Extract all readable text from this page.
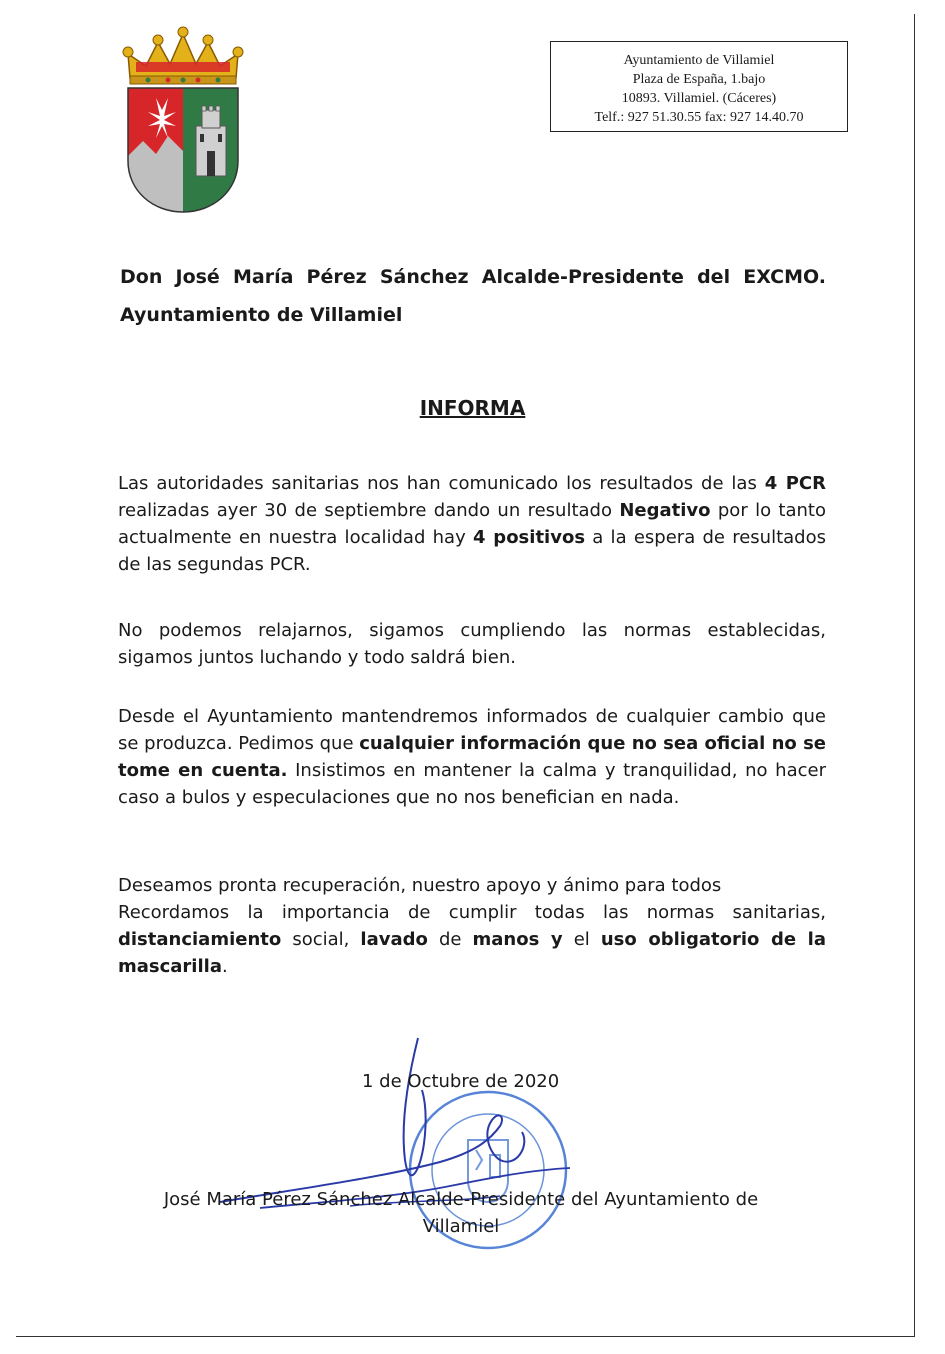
Ayuntamiento de Villamiel
Plaza de España, 1.bajo
10893. Villamiel. (Cáceres)
Telf.: 927 51.30.55 fax: 927 14.40.70
Don José María Pérez Sánchez Alcalde-Presidente del EXCMO.
Ayuntamiento de Villamiel
INFORMA

Las autoridades sanitarias nos han comunicado los resultados de las 4 PCR realizadas ayer 30 de septiembre dando un resultado Negativo por lo tanto actualmente en nuestra localidad hay 4 positivos a la espera de resultados de las segundas PCR.

No podemos relajarnos, sigamos cumpliendo las normas establecidas, sigamos juntos luchando y todo saldrá bien.

Desde el Ayuntamiento mantendremos informados de cualquier cambio que se produzca. Pedimos que cualquier información que no sea oficial no se tome en cuenta. Insistimos en mantener la calma y tranquilidad, no hacer caso a bulos y especulaciones que no nos benefician en nada.

Deseamos pronta recuperación, nuestro apoyo y ánimo para todos
Recordamos la importancia de cumplir todas las normas sanitarias, distanciamiento social, lavado de manos y el uso obligatorio de la mascarilla.

1 de Octubre de 2020
José María Pérez Sánchez Alcalde-Presidente del Ayuntamiento de
Villamiel
